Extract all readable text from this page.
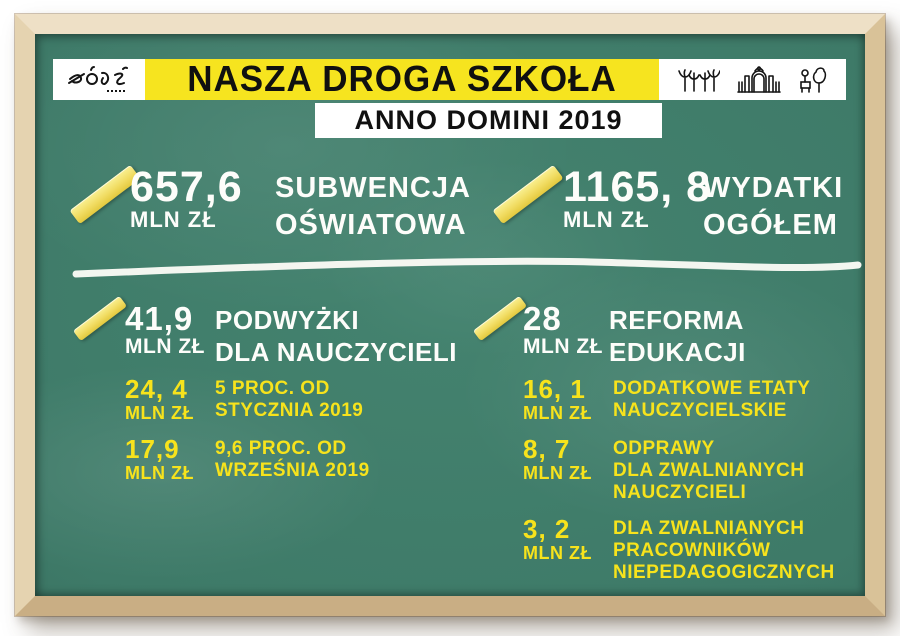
NASZA DROGA SZKOŁA
ANNO DOMINI 2019
657,6
MLN ZŁ
SUBWENCJA
OŚWIATOWA
1165, 8
MLN ZŁ
WYDATKI
OGÓŁEM
41,9
MLN ZŁ
PODWYŻKI
DLA NAUCZYCIELI
24, 4
MLN ZŁ
5 PROC. OD
STYCZNIA 2019
17,9
MLN ZŁ
9,6 PROC. OD
WRZEŚNIA 2019
28
MLN ZŁ
REFORMA
EDUKACJI
16, 1
MLN ZŁ
DODATKOWE ETATY
NAUCZYCIELSKIE
8, 7
MLN ZŁ
ODPRAWY
DLA ZWALNIANYCH
NAUCZYCIELI
3, 2
MLN ZŁ
DLA ZWALNIANYCH
PRACOWNIKÓW
NIEPEDAGOGICZNYCH
